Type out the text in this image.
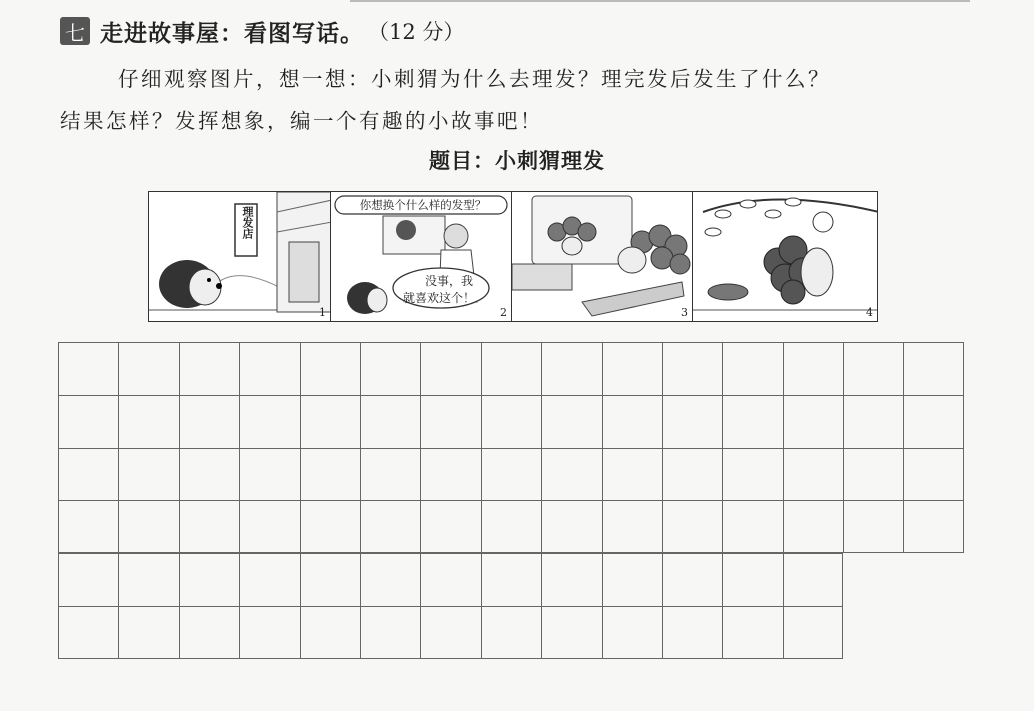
七 走进故事屋：看图写话。 （12 分）
仔细观察图片，想一想：小刺猬为什么去理发？理完发后发生了什么？
结果怎样？发挥想象，编一个有趣的小故事吧！
题目：小刺猬理发
理发店
1
你想换个什么样的发型？
没事，我
就喜欢这个！
2	3	4
